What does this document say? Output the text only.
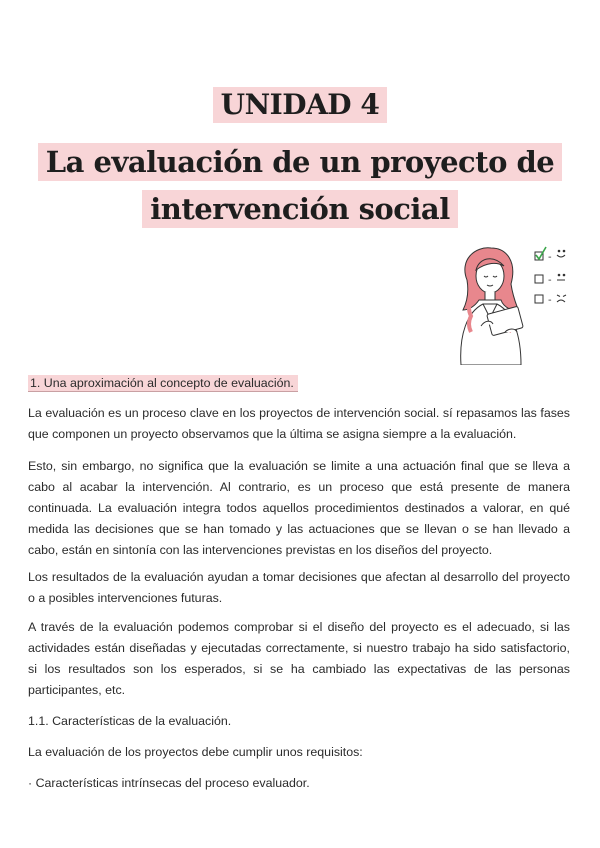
UNIDAD 4
La evaluación de un proyecto de
intervención social
-
-
-
1. Una aproximación al concepto de evaluación.

La evaluación es un proceso clave en los proyectos de intervención social. sí repasamos las fases que componen un proyecto observamos que la última se asigna siempre a la evaluación.

Esto, sin embargo, no significa que la evaluación se limite a una actuación final que se lleva a cabo al acabar la intervención. Al contrario, es un proceso que está presente de manera continuada. La evaluación integra todos aquellos procedimientos destinados a valorar, en qué medida las decisiones que se han tomado y las actuaciones que se llevan o se han llevado a cabo, están en sintonía con las intervenciones previstas en los diseños del proyecto.

Los resultados de la evaluación ayudan a tomar decisiones que afectan al desarrollo del proyecto o a posibles intervenciones futuras.

A través de la evaluación podemos comprobar si el diseño del proyecto es el adecuado, si las actividades están diseñadas y ejecutadas correctamente, si nuestro trabajo ha sido satisfactorio, si los resultados son los esperados, si se ha cambiado las expectativas de las personas participantes, etc.

1.1. Características de la evaluación.

La evaluación de los proyectos debe cumplir unos requisitos:

· Características intrínsecas del proceso evaluador.
